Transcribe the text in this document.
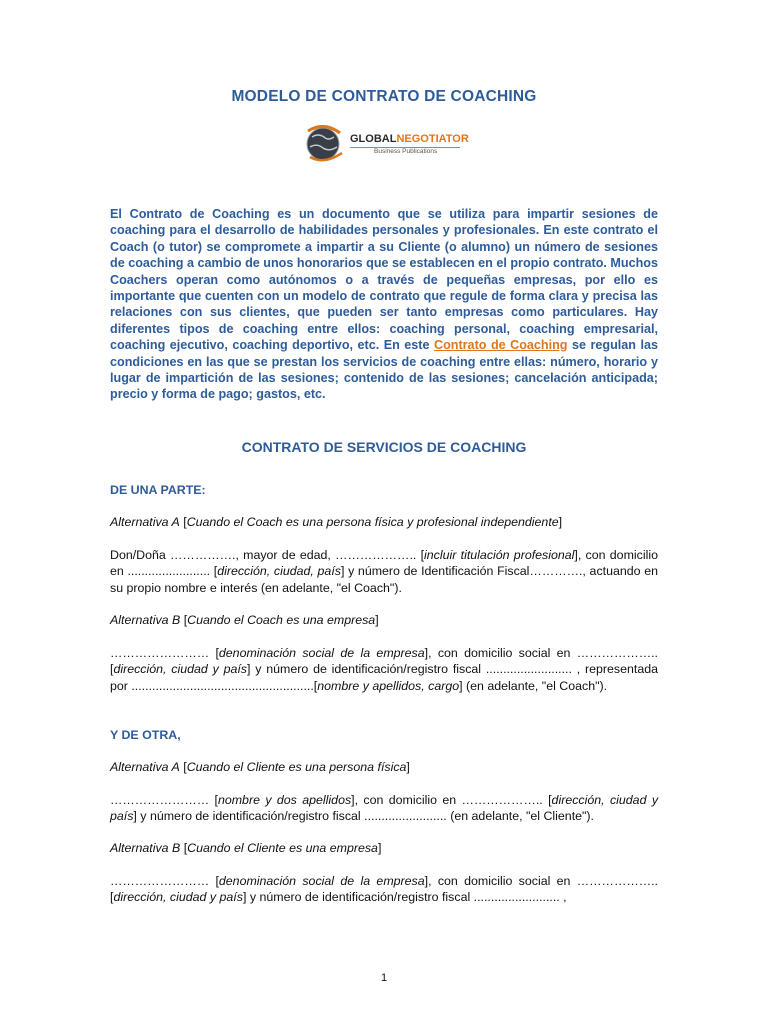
MODELO DE CONTRATO DE COACHING
GLOBALNEGOTIATOR
Business Publications
El Contrato de Coaching es un documento que se utiliza para impartir sesiones de coaching para el desarrollo de habilidades personales y profesionales. En este contrato el Coach (o tutor) se compromete a impartir a su Cliente (o alumno) un número de sesiones de coaching a cambio de unos honorarios que se establecen en el propio contrato. Muchos Coachers operan como autónomos o a través de pequeñas empresas, por ello es importante que cuenten con un modelo de contrato que regule de forma clara y precisa las relaciones con sus clientes, que pueden ser tanto empresas como particulares. Hay diferentes tipos de coaching entre ellos: coaching personal, coaching empresarial, coaching ejecutivo, coaching deportivo, etc. En este Contrato de Coaching se regulan las condiciones en las que se prestan los servicios de coaching entre ellas: número, horario y lugar de impartición de las sesiones; contenido de las sesiones; cancelación anticipada; precio y forma de pago; gastos, etc.
CONTRATO DE SERVICIOS DE COACHING
DE UNA PARTE:
Alternativa A [Cuando el Coach es una persona física y profesional independiente]
Don/Doña ……………., mayor de edad, ……………….. [incluir titulación profesional], con domicilio en ........................ [dirección, ciudad, país] y número de Identificación Fiscal…………., actuando en su propio nombre e interés (en adelante, "el Coach").
Alternativa B [Cuando el Coach es una empresa]
…………………… [denominación social de la empresa], con domicilio social en ……………….. [dirección, ciudad y país] y número de identificación/registro fiscal ......................... , representada por .....................................................[nombre y apellidos, cargo] (en adelante, "el Coach").
Y DE OTRA,
Alternativa A [Cuando el Cliente es una persona física]
…………………… [nombre y dos apellidos], con domicilio en ……………….. [dirección, ciudad y país] y número de identificación/registro fiscal ........................ (en adelante, "el Cliente").
Alternativa B [Cuando el Cliente es una empresa]
…………………… [denominación social de la empresa], con domicilio social en ……………….. [dirección, ciudad y país] y número de identificación/registro fiscal ......................... ,
1
